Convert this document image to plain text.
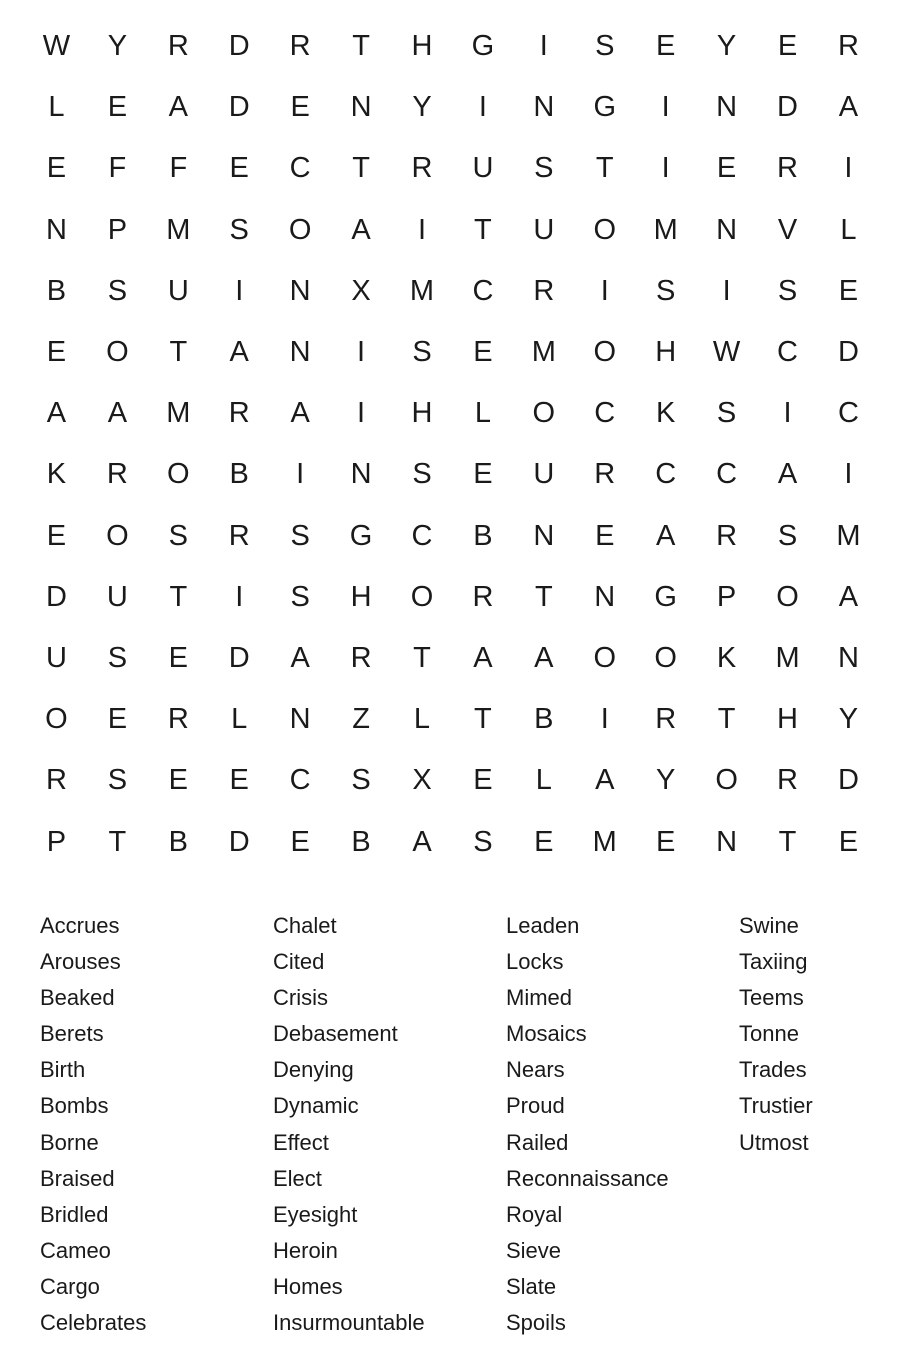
W	Y	R	D	R	T	H	G	I	S	E	Y	E	R
L	E	A	D	E	N	Y	I	N	G	I	N	D	A
E	F	F	E	C	T	R	U	S	T	I	E	R	I
N	P	M	S	O	A	I	T	U	O	M	N	V	L
B	S	U	I	N	X	M	C	R	I	S	I	S	E
E	O	T	A	N	I	S	E	M	O	H	W	C	D
A	A	M	R	A	I	H	L	O	C	K	S	I	C
K	R	O	B	I	N	S	E	U	R	C	C	A	I
E	O	S	R	S	G	C	B	N	E	A	R	S	M
D	U	T	I	S	H	O	R	T	N	G	P	O	A
U	S	E	D	A	R	T	A	A	O	O	K	M	N
O	E	R	L	N	Z	L	T	B	I	R	T	H	Y
R	S	E	E	C	S	X	E	L	A	Y	O	R	D
P	T	B	D	E	B	A	S	E	M	E	N	T	E
Accrues
Arouses
Beaked
Berets
Birth
Bombs
Borne
Braised
Bridled
Cameo
Cargo
Celebrates
Chalet
Cited
Crisis
Debasement
Denying
Dynamic
Effect
Elect
Eyesight
Heroin
Homes
Insurmountable
Leaden
Locks
Mimed
Mosaics
Nears
Proud
Railed
Reconnaissance
Royal
Sieve
Slate
Spoils
Swine
Taxiing
Teems
Tonne
Trades
Trustier
Utmost
